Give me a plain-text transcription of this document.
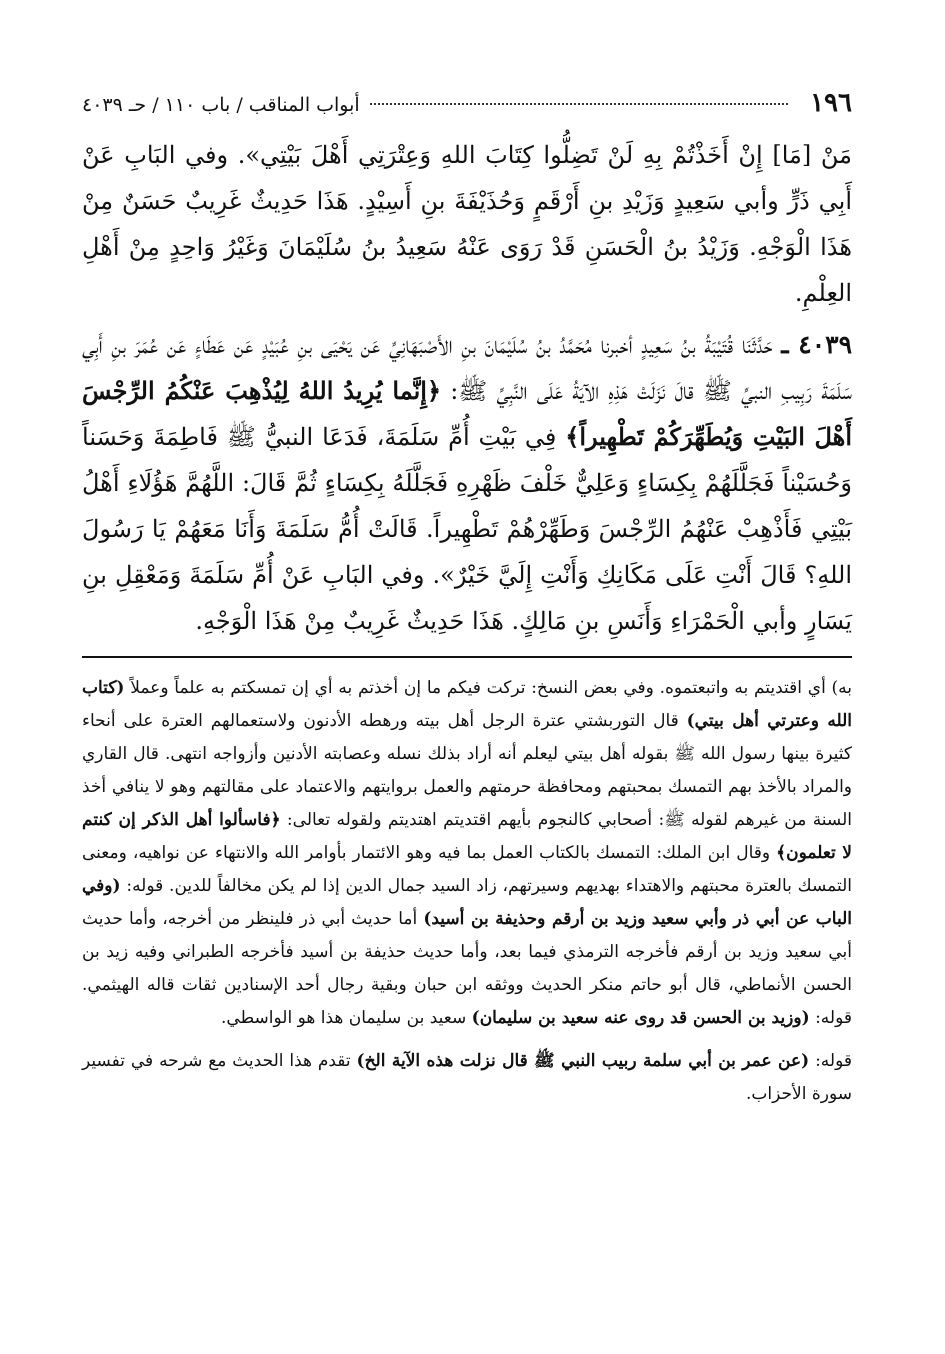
١٩٦
أبواب المناقب / باب ١١٠ / حـ ٤٠٣٩

مَنْ [مَا] إِنْ أَخَذْتُمْ بِهِ لَنْ تَضِلُّوا كِتَابَ اللهِ وَعِتْرَتِي أَهْلَ بَيْتِي». وفي البَابِ عَنْ أَبِي ذَرٍّ وأبي سَعِيدٍ وَزَيْدِ بنِ أَرْقَمٍ وَحُذَيْفَةَ بنِ أَسِيْدٍ. هَذَا حَدِيثٌ غَرِيبٌ حَسَنٌ مِنْ هَذَا الْوَجْهِ. وَزَيْدُ بنُ الْحَسَنِ قَدْ رَوَى عَنْهُ سَعِيدُ بنُ سُلَيْمَانَ وَغَيْرُ وَاحِدٍ مِنْ أَهْلِ العِلْمِ.

٤٠٣٩ ـ حَدَّثَنَا قُتَيْبَةُ بنُ سَعِيدٍ أخبرنا مُحَمَّدُ بنُ سُلَيْمَانَ بنِ الأَصْبَهَانِيِّ عَن يَحْيَى بنِ عُبَيْدٍ عَن عَطَاءٍ عَن عُمَرَ بنِ أَبِي سَلَمَةَ رَبِيبِ النبيِّ ﷺ قالَ نَزَلَتْ هَذِهِ الآيَةُ عَلَى النَّبِيِّ ﷺ: ﴿إِنَّما يُرِيدُ اللهُ لِيُذْهِبَ عَنْكُمُ الرِّجْسَ أَهْلَ البَيْتِ وَيُطَهِّرَكُمْ تَطْهِيراً﴾ فِي بَيْتِ أُمِّ سَلَمَةَ، فَدَعَا النبيُّ ﷺ فَاطِمَةَ وَحَسَناً وَحُسَيْناً فَجَلَّلَهُمْ بِكِسَاءٍ وَعَلِيٌّ خَلْفَ ظَهْرِهِ فَجَلَّلَهُ بِكِسَاءٍ ثُمَّ قَالَ: اللَّهُمَّ هَؤُلَاءِ أَهْلُ بَيْتِي فَأَذْهِبْ عَنْهُمُ الرِّجْسَ وَطَهِّرْهُمْ تَطْهِيراً. قَالَتْ أُمُّ سَلَمَةَ وَأَنَا مَعَهُمْ يَا رَسُولَ اللهِ؟ قَالَ أَنْتِ عَلَى مَكَانِكِ وَأَنْتِ إِلَيَّ خَيْرٌ». وفي البَابِ عَنْ أُمِّ سَلَمَةَ وَمَعْقِلِ بنِ يَسَارٍ وأبي الْحَمْرَاءِ وَأَنَسِ بنِ مَالِكٍ. هَذَا حَدِيثٌ غَرِيبٌ مِنْ هَذَا الْوَجْهِ.

به) أي اقتديتم به واتبعتموه. وفي بعض النسخ: تركت فيكم ما إن أخذتم به أي إن تمسكتم به علماً وعملاً (كتاب الله وعترتي أهل بيتي) قال التوربشتي عترة الرجل أهل بيته ورهطه الأدنون ولاستعمالهم العترة على أنحاء كثيرة بينها رسول الله ﷺ بقوله أهل بيتي ليعلم أنه أراد بذلك نسله وعصابته الأدنين وأزواجه انتهى. قال القاري والمراد بالأخذ بهم التمسك بمحبتهم ومحافظة حرمتهم والعمل بروايتهم والاعتماد على مقالتهم وهو لا ينافي أخذ السنة من غيرهم لقوله ﷺ: أصحابي كالنجوم بأيهم اقتديتم اهتديتم ولقوله تعالى: ﴿فاسألوا أهل الذكر إن كنتم لا تعلمون﴾ وقال ابن الملك: التمسك بالكتاب العمل بما فيه وهو الائتمار بأوامر الله والانتهاء عن نواهيه، ومعنى التمسك بالعترة محبتهم والاهتداء بهديهم وسيرتهم، زاد السيد جمال الدين إذا لم يكن مخالفاً للدين. قوله: (وفي الباب عن أبي ذر وأبي سعيد وزيد بن أرقم وحذيفة بن أسيد) أما حديث أبي ذر فلينظر من أخرجه، وأما حديث أبي سعيد وزيد بن أرقم فأخرجه الترمذي فيما بعد، وأما حديث حذيفة بن أسيد فأخرجه الطبراني وفيه زيد بن الحسن الأنماطي، قال أبو حاتم منكر الحديث ووثقه ابن حبان وبقية رجال أحد الإسنادين ثقات قاله الهيثمي. قوله: (وزيد بن الحسن قد روى عنه سعيد بن سليمان) سعيد بن سليمان هذا هو الواسطي.

قوله: (عن عمر بن أبي سلمة ربيب النبي ﷺ قال نزلت هذه الآية الخ) تقدم هذا الحديث مع شرحه في تفسير سورة الأحزاب.
